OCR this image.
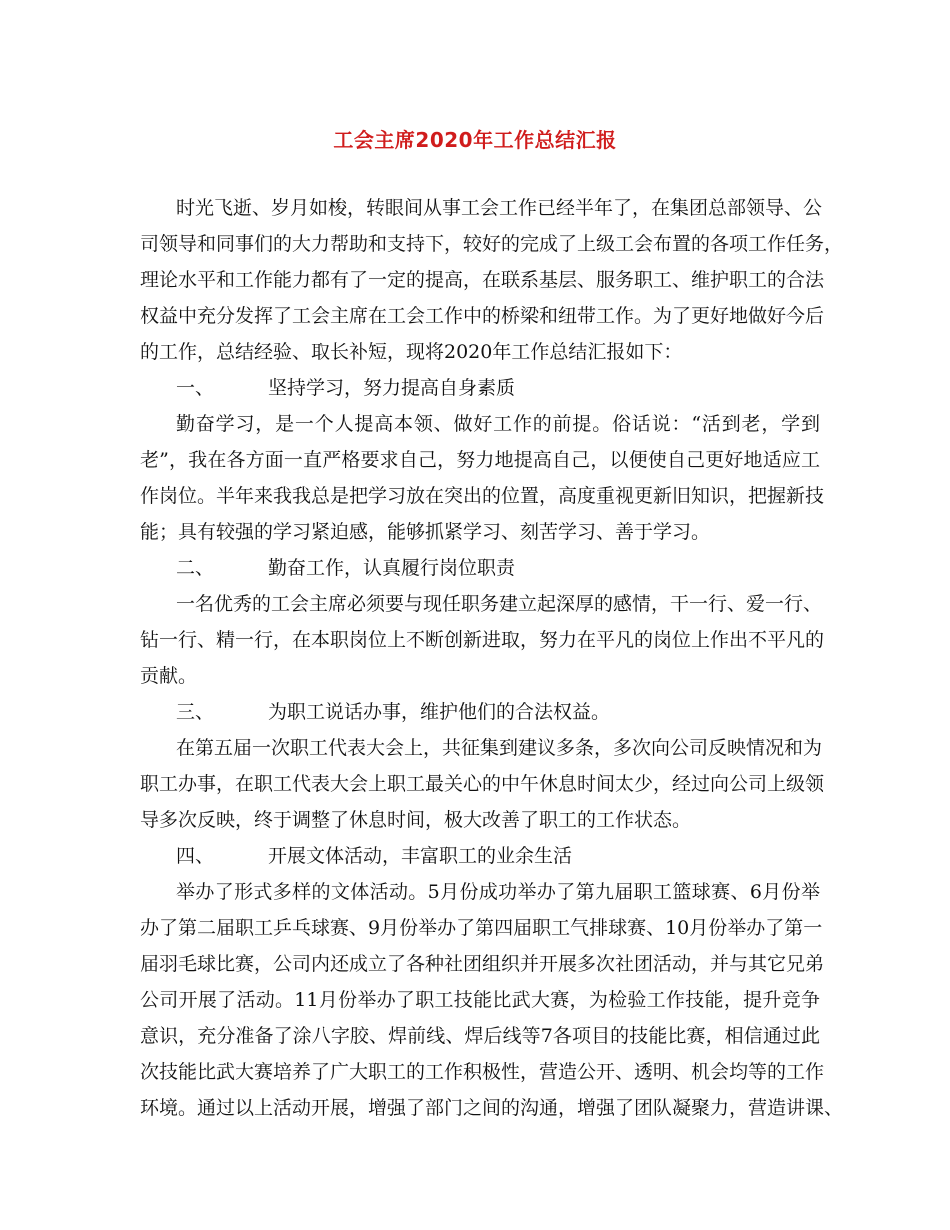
工会主席2020年工作总结汇报
时光飞逝、岁月如梭，转眼间从事工会工作已经半年了，在集团总部领导、公
司领导和同事们的大力帮助和支持下，较好的完成了上级工会布置的各项工作任务，
理论水平和工作能力都有了一定的提高，在联系基层、服务职工、维护职工的合法
权益中充分发挥了工会主席在工会工作中的桥梁和纽带工作。为了更好地做好今后
的工作，总结经验、取长补短，现将2020年工作总结汇报如下：
一、	坚持学习，努力提高自身素质
勤奋学习，是一个人提高本领、做好工作的前提。俗话说：“活到老，学到
老”，我在各方面一直严格要求自己，努力地提高自己，以便使自己更好地适应工
作岗位。半年来我我总是把学习放在突出的位置，高度重视更新旧知识，把握新技
能；具有较强的学习紧迫感，能够抓紧学习、刻苦学习、善于学习。
二、	勤奋工作，认真履行岗位职责
一名优秀的工会主席必须要与现任职务建立起深厚的感情，干一行、爱一行、
钻一行、精一行，在本职岗位上不断创新进取，努力在平凡的岗位上作出不平凡的
贡献。
三、	为职工说话办事，维护他们的合法权益。
在第五届一次职工代表大会上，共征集到建议多条，多次向公司反映情况和为
职工办事，在职工代表大会上职工最关心的中午休息时间太少，经过向公司上级领
导多次反映，终于调整了休息时间，极大改善了职工的工作状态。
四、	开展文体活动，丰富职工的业余生活
举办了形式多样的文体活动。5月份成功举办了第九届职工篮球赛、6月份举
办了第二届职工乒乓球赛、9月份举办了第四届职工气排球赛、10月份举办了第一
届羽毛球比赛，公司内还成立了各种社团组织并开展多次社团活动，并与其它兄弟
公司开展了活动。11月份举办了职工技能比武大赛，为检验工作技能，提升竞争
意识，充分准备了涂八字胶、焊前线、焊后线等7各项目的技能比赛，相信通过此
次技能比武大赛培养了广大职工的工作积极性，营造公开、透明、机会均等的工作
环境。通过以上活动开展，增强了部门之间的沟通，增强了团队凝聚力，营造讲课、
